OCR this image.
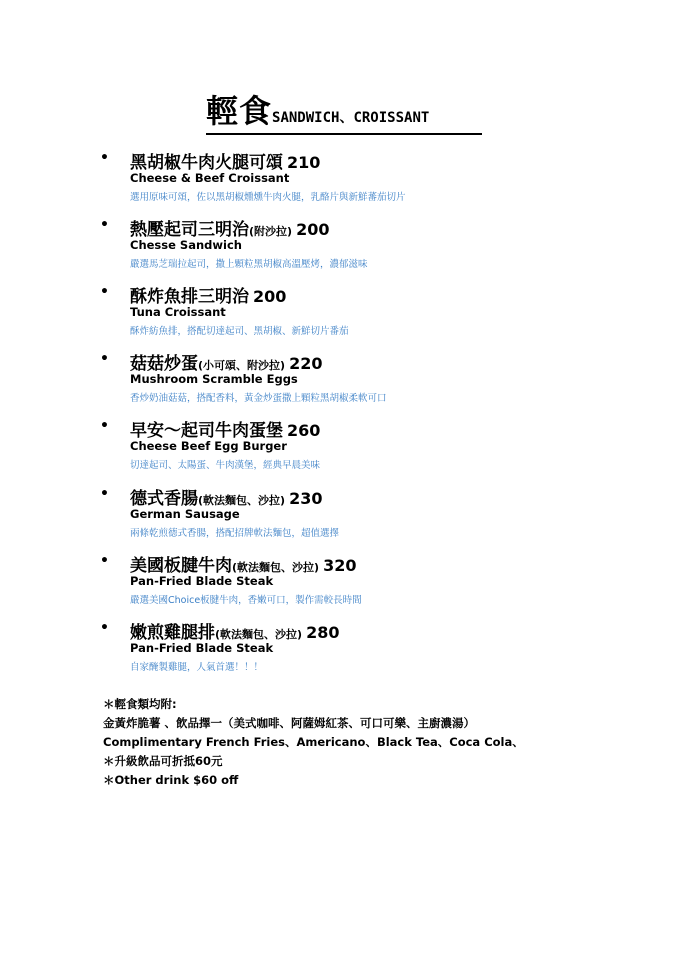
輕食SANDWICH、CROISSANT
• 黑胡椒牛肉火腿可頌 210
Cheese & Beef Croissant
選用原味可頌，佐以黑胡椒燻燻牛肉火腿，乳酪片與新鮮蕃茄切片
• 熱壓起司三明治(附沙拉) 200
Chesse Sandwich
嚴選馬芝瑞拉起司，撒上顆粒黑胡椒高溫壓烤，濃郁滋味
• 酥炸魚排三明治 200
Tuna Croissant
酥炸紡魚排，搭配切達起司、黑胡椒、新鮮切片番茄
• 菇菇炒蛋(小可頌、附沙拉) 220
Mushroom Scramble Eggs
香炒奶油菇菇，搭配香料，黃金炒蛋撒上顆粒黑胡椒柔軟可口
• 早安～起司牛肉蛋堡 260
Cheese Beef Egg Burger
切達起司、太陽蛋、牛肉漢堡，經典早晨美味
• 德式香腸(軟法麵包、沙拉) 230
German Sausage
兩條乾煎德式香腸，搭配招牌軟法麵包，超值選擇
• 美國板腱牛肉(軟法麵包、沙拉) 320
Pan-Fried Blade Steak
嚴選美國Choice板腱牛肉，香嫩可口，製作需較長時間
• 嫩煎雞腿排(軟法麵包、沙拉) 280
Pan-Fried Blade Steak
自家醃製雞腿，人氣首選！！！
＊輕食類均附:
金黃炸脆薯 、飲品擇一（美式咖啡、阿薩姆紅茶、可口可樂、主廚濃湯）
Complimentary French Fries、Americano、Black Tea、Coca Cola、
＊升級飲品可折抵60元
＊Other drink $60 off
